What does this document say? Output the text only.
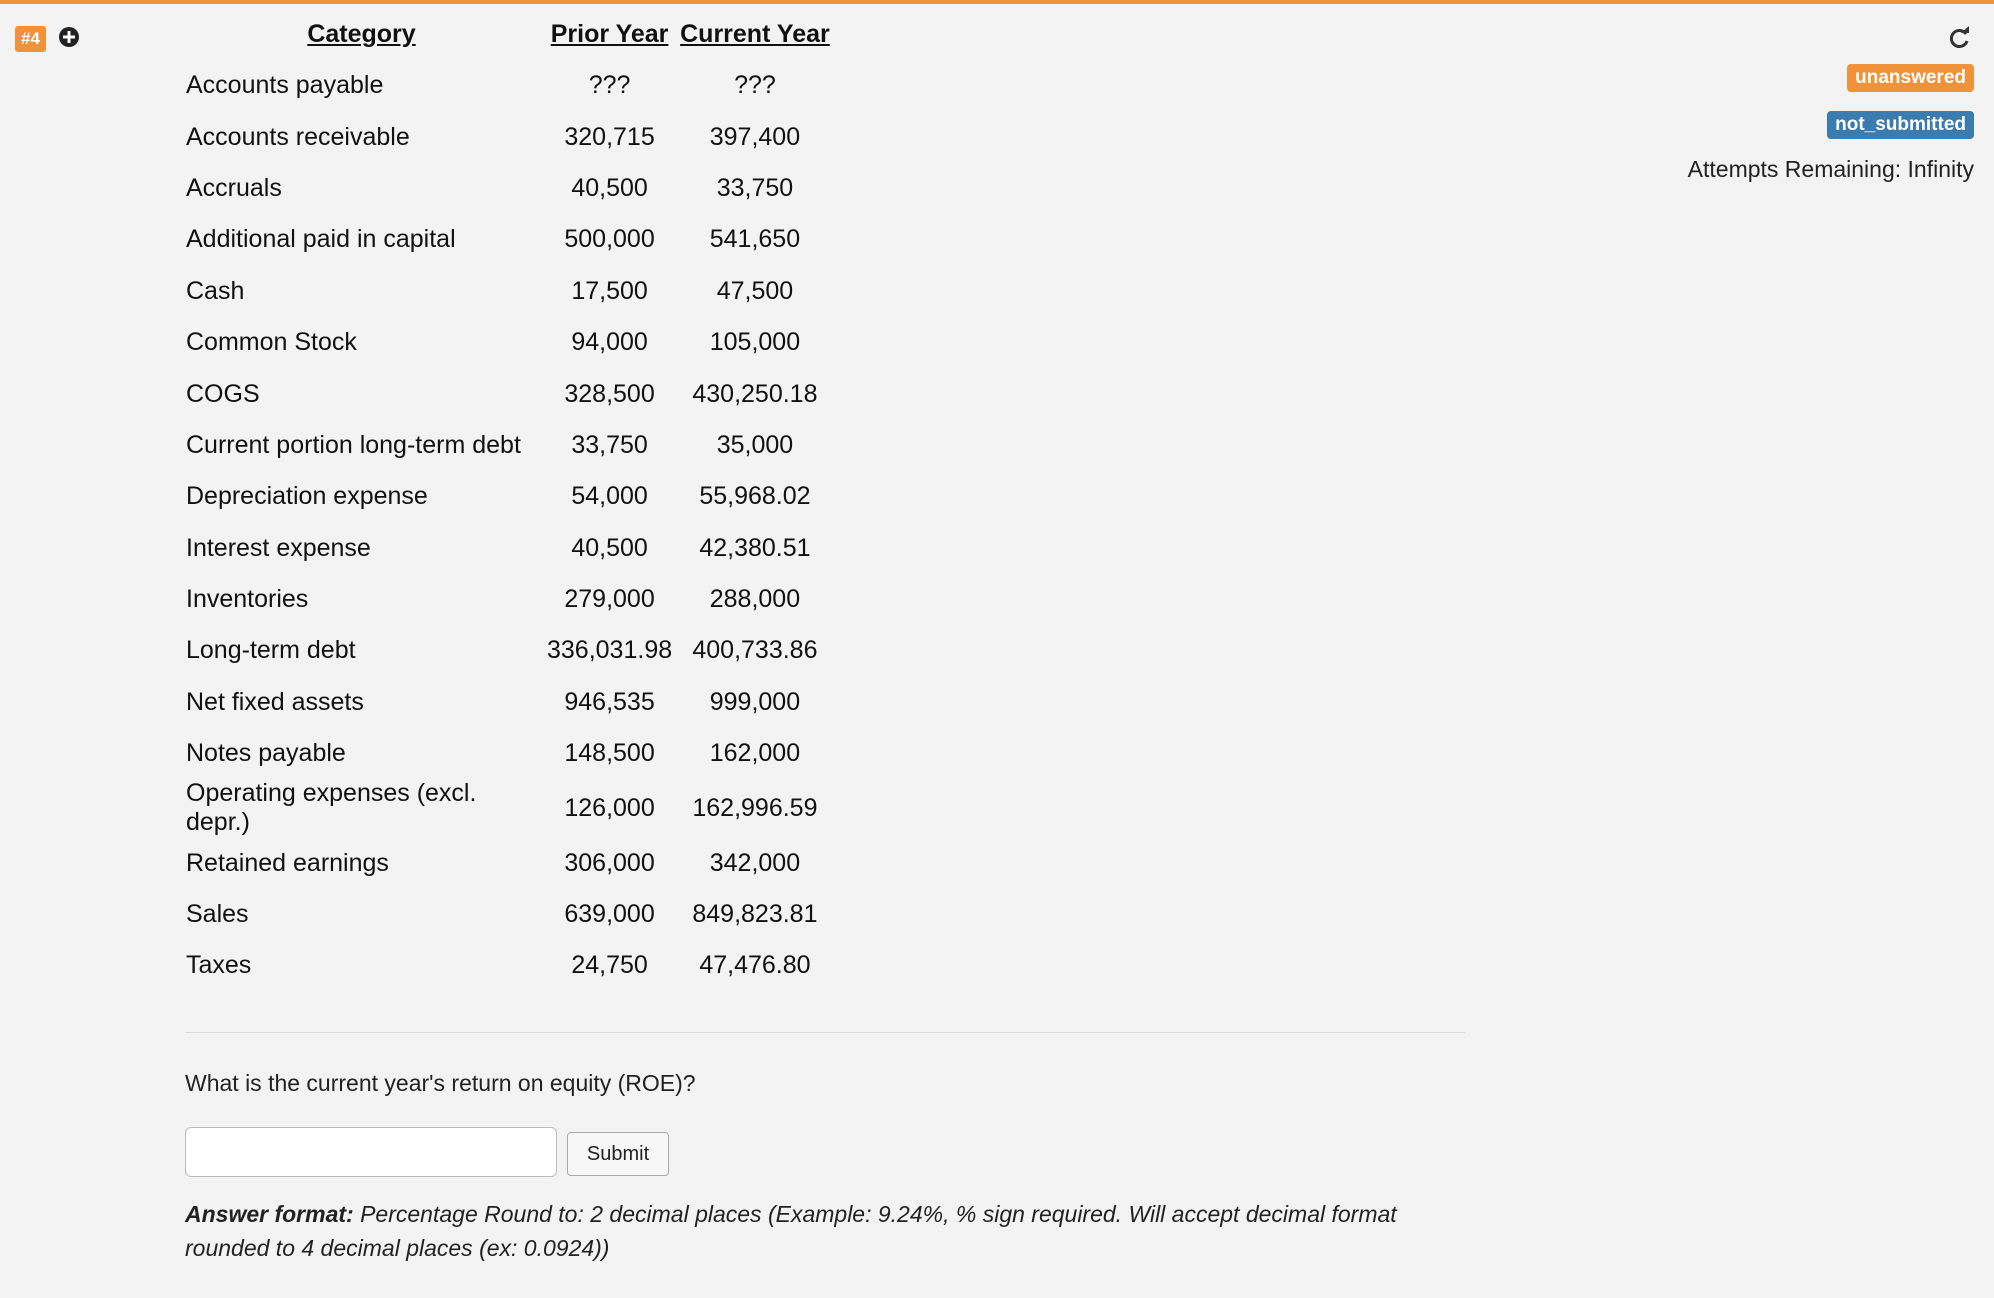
#4
unanswered
not_submitted
Attempts Remaining: Infinity
Category	Prior Year	Current Year
Accounts payable	???	???
Accounts receivable	320,715	397,400
Accruals	40,500	33,750
Additional paid in capital	500,000	541,650
Cash	17,500	47,500
Common Stock	94,000	105,000
COGS	328,500	430,250.18
Current portion long-term debt	33,750	35,000
Depreciation expense	54,000	55,968.02
Interest expense	40,500	42,380.51
Inventories	279,000	288,000
Long-term debt	336,031.98	400,733.86
Net fixed assets	946,535	999,000
Notes payable	148,500	162,000
Operating expenses (excl. depr.)	126,000	162,996.59
Retained earnings	306,000	342,000
Sales	639,000	849,823.81
Taxes	24,750	47,476.80
What is the current year's return on equity (ROE)?
Submit
Answer format: Percentage Round to: 2 decimal places (Example: 9.24%, % sign required. Will accept decimal format rounded to 4 decimal places (ex: 0.0924))
